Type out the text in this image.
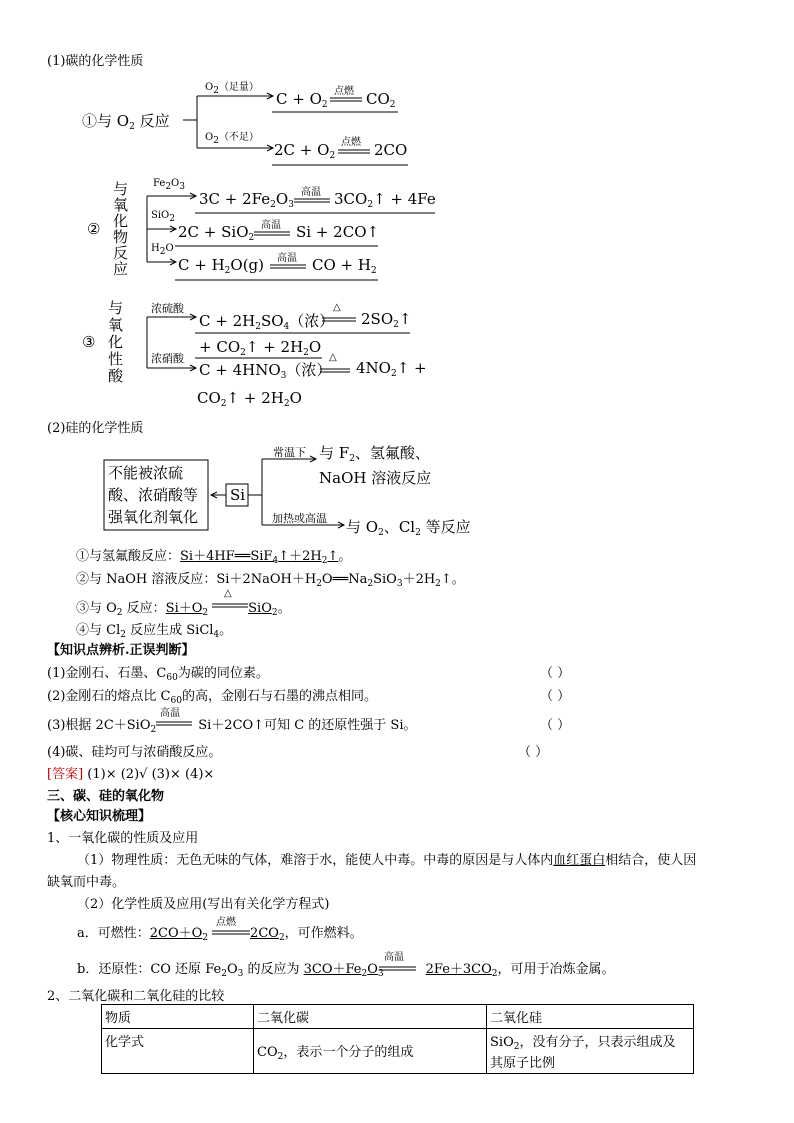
(1)碳的化学性质
①与 $O_2$ 反应
$O_2$（足量）
$C + O_2$
点燃 $CO_2$
$O_2$（不足）
$2C + O_2$
点燃 2CO
②
与
氧
化
物
反
应
$Fe_2O_3$
$3C + 2Fe_2O_3$
高温 $3CO_2↑ + 4Fe$
SiO$_2$
2C + SiO$_2$
高温 Si + 2CO↑
$H_2O$
$C + H_2O(g)$ 高温 CO + $H_2$
③
与
氧
化
性
酸
浓硫酸
$C + 2H_2SO_4$（浓）
△
$2SO_2↑$
+ $CO_2↑ + 2H_2O$
浓硝酸
$C + 4HNO_3$（浓）
△
$4NO_2↑$ +
$CO_2↑ + 2H_2O$
(2)硅的化学性质
不能被浓硫
酸、浓硝酸等
强氧化剂氧化
Si
常温下 与 $F_2$、氢氟酸、
NaOH 溶液反应
加热或高温 与 $O_2$、$Cl_2$ 等反应
①与氢氟酸反应：$Si+4HF══SiF_4↑+2H_2↑$。
②与 NaOH 溶液反应：$Si+2NaOH+H_2O══Na_2SiO_3+2H_2↑$。
△
③与 $O_2$ 反应：$Si+O_2$	SiO$_2$。
④与 $Cl_2$ 反应生成 SiCl$_4$。
【知识点辨析.正误判断】
(1)金刚石、石墨、$C_{60}$为碳的同位素。	（ ）
(2)金刚石的熔点比 $C_{60}$的高，金刚石与石墨的沸点相同。	（ ）
高温
(3)根据 2C＋SiO$_2$	Si＋2CO↑可知 C 的还原性强于 Si。	（ ）
(4)碳、硅均可与浓硝酸反应。	（ ）
[答案] (1)× (2)√ (3)× (4)×
三、碳、硅的氧化物
【核心知识梳理】
1、一氧化碳的性质及应用
（1）物理性质：无色无味的气体，难溶于水，能使人中毒。中毒的原因是与人体内血红蛋白相结合，使人因
缺氧而中毒。
（2）化学性质及应用(写出有关化学方程式)
点燃
a．可燃性：$2CO+O_2$	$2CO_2$，可作燃料。
高温
b．还原性：CO 还原 $Fe_2O_3$ 的反应为 $3CO+Fe_2O_3$	$2Fe+3CO_2$，可用于冶炼金属。
2、二氧化碳和二氧化硅的比较
物质	二氧化碳	二氧化硅
化学式	$CO_2$，表示一个分子的组成	SiO$_2$，没有分子，只表示组成及
其原子比例
